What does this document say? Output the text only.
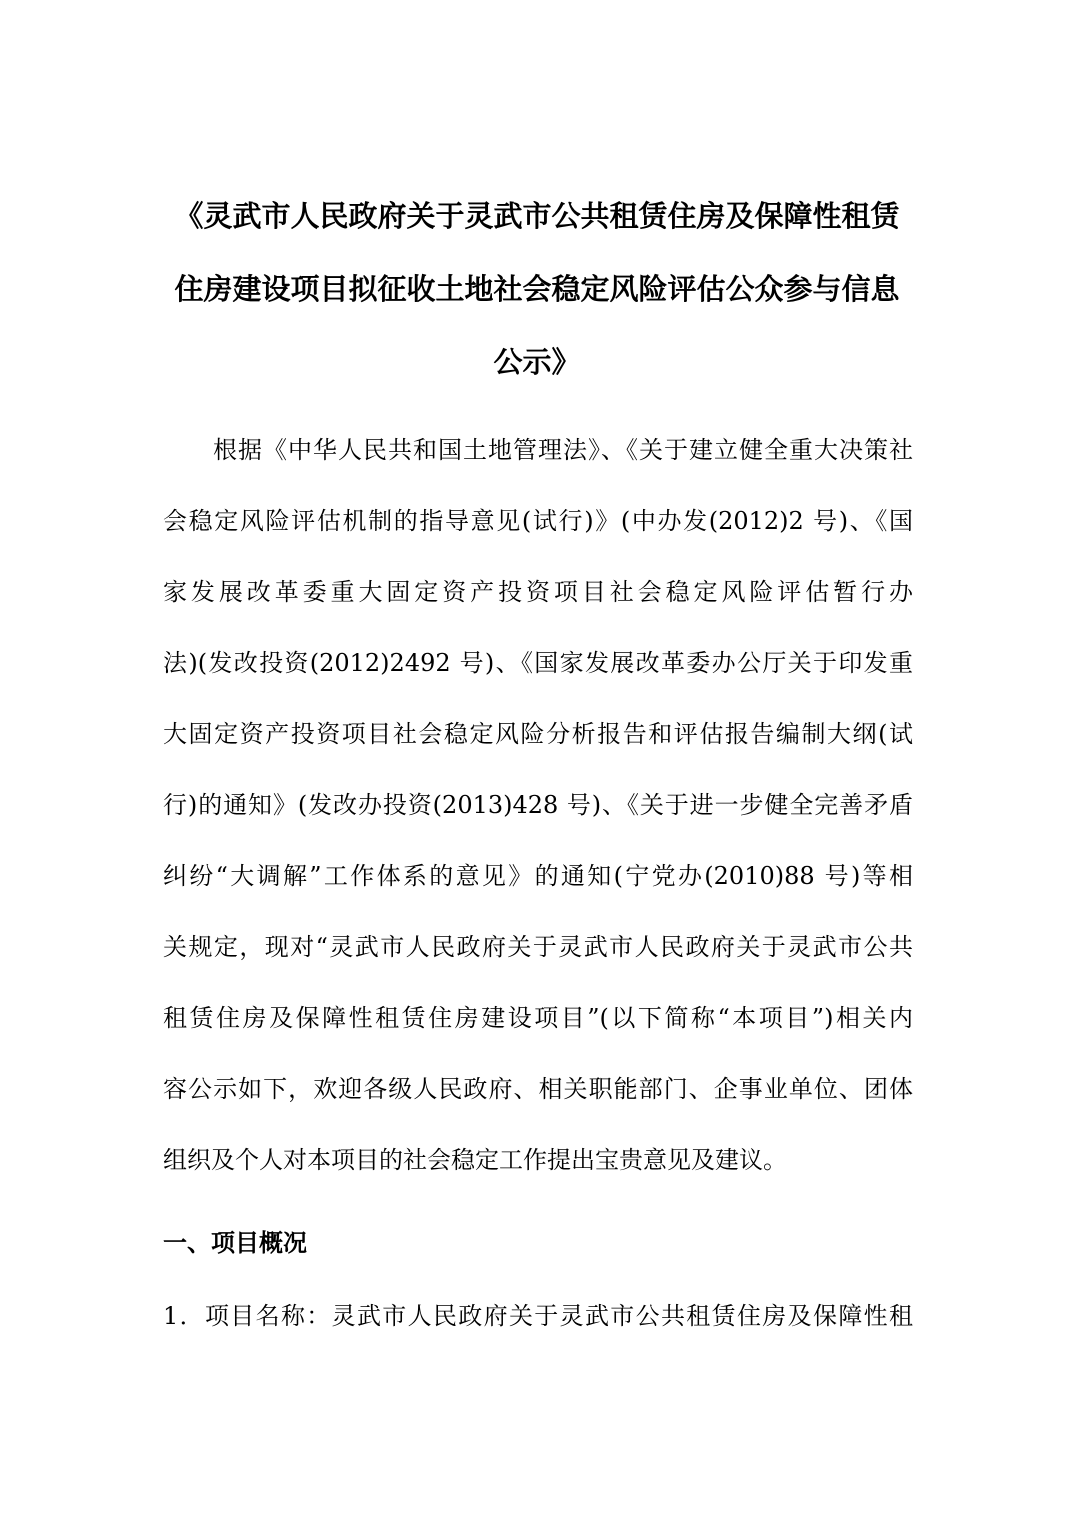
《灵武市人民政府关于灵武市公共租赁住房及保障性租赁
住房建设项目拟征收土地社会稳定风险评估公众参与信息
公示》

根据《中华人民共和国土地管理法》、《关于建立健全重大决策社
会稳定风险评估机制的指导意见(试行)》(中办发(2012)2 号)、《国
家发展改革委重大固定资产投资项目社会稳定风险评估暂行办
法)(发改投资(2012)2492 号)、《国家发展改革委办公厅关于印发重
大固定资产投资项目社会稳定风险分析报告和评估报告编制大纲(试
行)的通知》(发改办投资(2013)428 号)、《关于进一步健全完善矛盾
纠纷“大调解”工作体系的意见》的通知(宁党办(2010)88 号)等相
关规定，现对“灵武市人民政府关于灵武市人民政府关于灵武市公共
租赁住房及保障性租赁住房建设项目”(以下简称“本项目”)相关内
容公示如下，欢迎各级人民政府、相关职能部门、企事业单位、团体
组织及个人对本项目的社会稳定工作提出宝贵意见及建议。

一、项目概况

1．项目名称：灵武市人民政府关于灵武市公共租赁住房及保障性租
